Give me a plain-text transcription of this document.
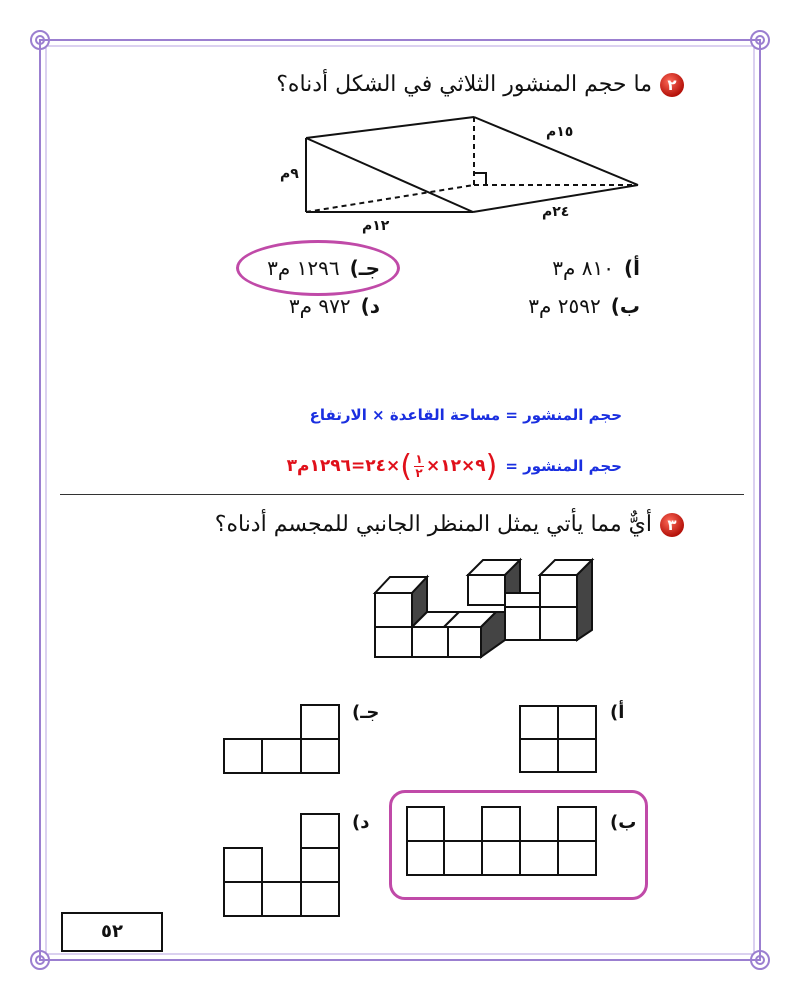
٢ما حجم المنشور الثلاثي في الشكل أدناه؟
١٥م
٩م
٢٤م
١٢م
أ)٨١٠ م٣
جـ)١٢٩٦ م٣
ب)٢٥٩٢ م٣
د)٩٧٢ م٣
حجم المنشور = مساحة القاعدة × الارتفاع
حجم المنشور =
(
٩×١٢×
١
٢
)
×٢٤=١٢٩٦م٣
٣أيٌّ مما يأتي يمثل المنظر الجانبي للمجسم أدناه؟
أ)
جـ)
ب)
د)
٥٢
